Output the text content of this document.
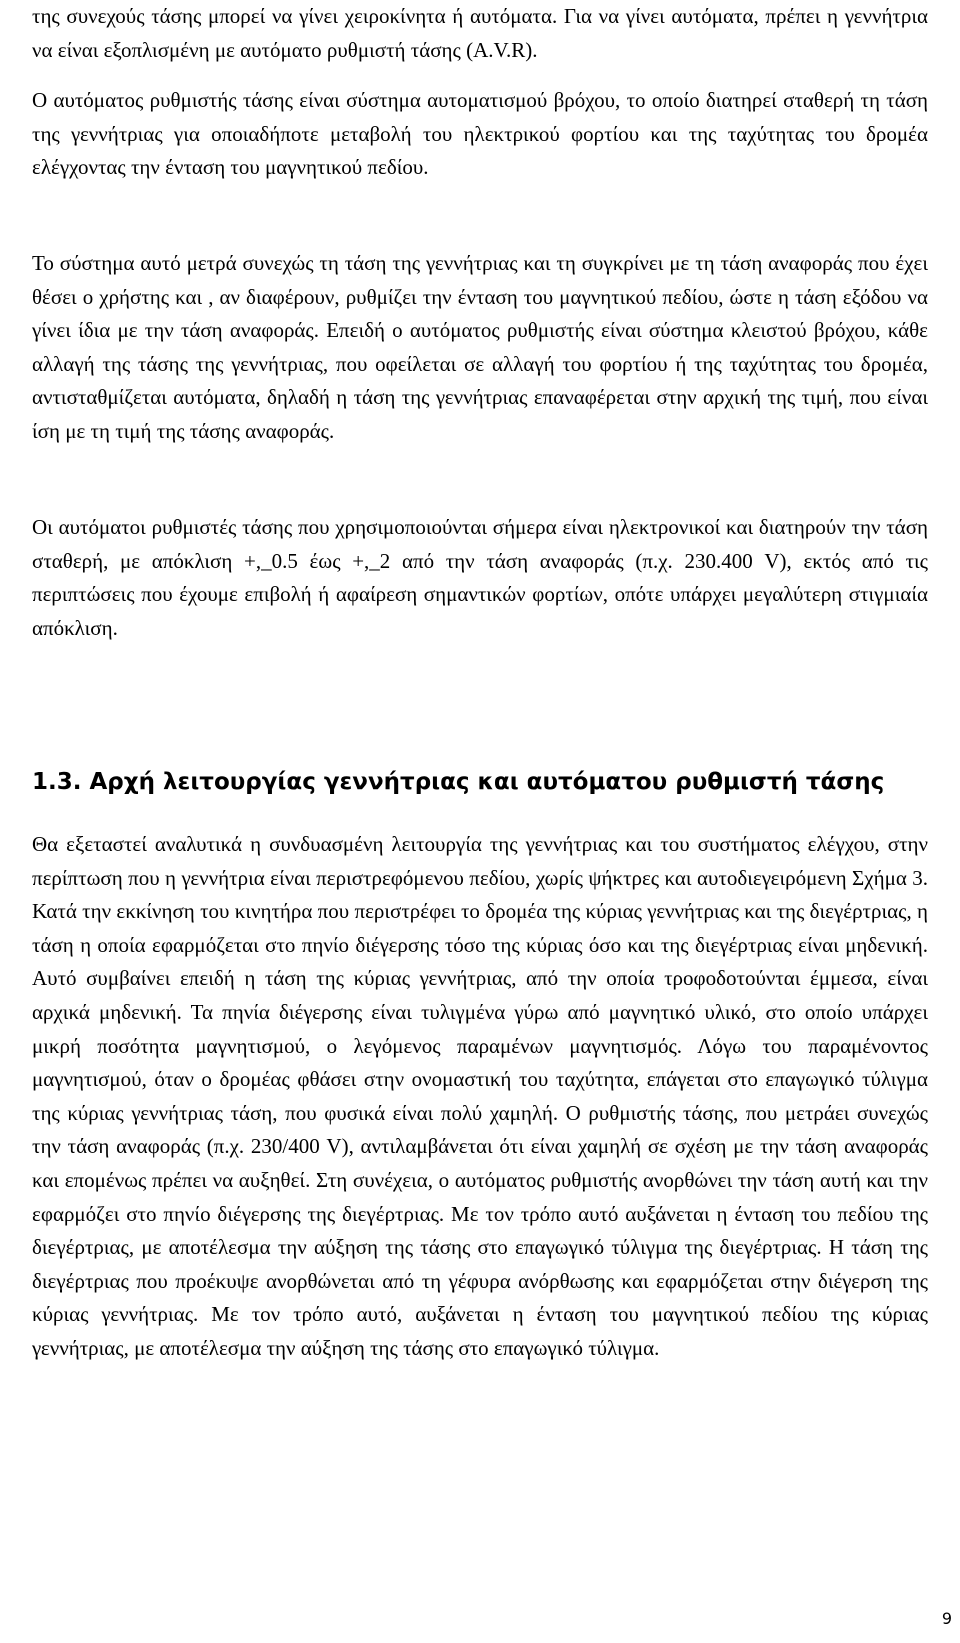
της συνεχούς τάσης μπορεί να γίνει χειροκίνητα ή αυτόματα. Για να γίνει αυτόματα, πρέπει η γεννήτρια να είναι εξοπλισμένη με αυτόματο ρυθμιστή τάσης (A.V.R).

Ο αυτόματος ρυθμιστής τάσης είναι σύστημα αυτοματισμού βρόχου, το οποίο διατηρεί σταθερή τη τάση της γεννήτριας για οποιαδήποτε μεταβολή του ηλεκτρικού φορτίου και της ταχύτητας του δρομέα ελέγχοντας την ένταση του μαγνητικού πεδίου.

Το σύστημα αυτό μετρά συνεχώς τη τάση της γεννήτριας και τη συγκρίνει με τη τάση αναφοράς που έχει θέσει ο χρήστης και , αν διαφέρουν, ρυθμίζει την ένταση του μαγνητικού πεδίου, ώστε η τάση εξόδου να γίνει ίδια με την τάση αναφοράς. Επειδή ο αυτόματος ρυθμιστής είναι σύστημα κλειστού βρόχου, κάθε αλλαγή της τάσης της γεννήτριας, που οφείλεται σε αλλαγή του φορτίου ή της ταχύτητας του δρομέα, αντισταθμίζεται αυτόματα, δηλαδή η τάση της γεννήτριας επαναφέρεται στην αρχική της τιμή, που είναι ίση με τη τιμή της τάσης αναφοράς.

Οι αυτόματοι ρυθμιστές τάσης που χρησιμοποιούνται σήμερα είναι ηλεκτρονικοί και διατηρούν την τάση σταθερή, με απόκλιση +,_0.5 έως +,_2 από την τάση αναφοράς (π.χ. 230.400 V), εκτός από τις περιπτώσεις που έχουμε επιβολή ή αφαίρεση σημαντικών φορτίων, οπότε υπάρχει μεγαλύτερη στιγμιαία απόκλιση.

1.3. Αρχή λειτουργίας γεννήτριας και αυτόματου ρυθμιστή τάσης

Θα εξεταστεί αναλυτικά η συνδυασμένη λειτουργία της γεννήτριας και του συστήματος ελέγχου, στην περίπτωση που η γεννήτρια είναι περιστρεφόμενου πεδίου, χωρίς ψήκτρες και αυτοδιεγειρόμενη Σχήμα 3. Κατά την εκκίνηση του κινητήρα που περιστρέφει το δρομέα της κύριας γεννήτριας και της διεγέρτριας, η τάση η οποία εφαρμόζεται στο πηνίο διέγερσης τόσο της κύριας όσο και της διεγέρτριας είναι μηδενική. Αυτό συμβαίνει επειδή η τάση της κύριας γεννήτριας, από την οποία τροφοδοτούνται έμμεσα, είναι αρχικά μηδενική. Τα πηνία διέγερσης είναι τυλιγμένα γύρω από μαγνητικό υλικό, στο οποίο υπάρχει μικρή ποσότητα μαγνητισμού, ο λεγόμενος παραμένων μαγνητισμός. Λόγω του παραμένοντος μαγνητισμού, όταν ο δρομέας φθάσει στην ονομαστική του ταχύτητα, επάγεται στο επαγωγικό τύλιγμα της κύριας γεννήτριας τάση, που φυσικά είναι πολύ χαμηλή. Ο ρυθμιστής τάσης, που μετράει συνεχώς την τάση αναφοράς (π.χ. 230/400 V), αντιλαμβάνεται ότι είναι χαμηλή σε σχέση με την τάση αναφοράς και επομένως πρέπει να αυξηθεί. Στη συνέχεια, ο αυτόματος ρυθμιστής ανορθώνει την τάση αυτή και την εφαρμόζει στο πηνίο διέγερσης της διεγέρτριας. Με τον τρόπο αυτό αυξάνεται η ένταση του πεδίου της διεγέρτριας, με αποτέλεσμα την αύξηση της τάσης στο επαγωγικό τύλιγμα της διεγέρτριας. Η τάση της διεγέρτριας που προέκυψε ανορθώνεται από τη γέφυρα ανόρθωσης και εφαρμόζεται στην διέγερση της κύριας γεννήτριας. Με τον τρόπο αυτό, αυξάνεται η ένταση του μαγνητικού πεδίου της κύριας γεννήτριας, με αποτέλεσμα την αύξηση της τάσης στο επαγωγικό τύλιγμα.

9
